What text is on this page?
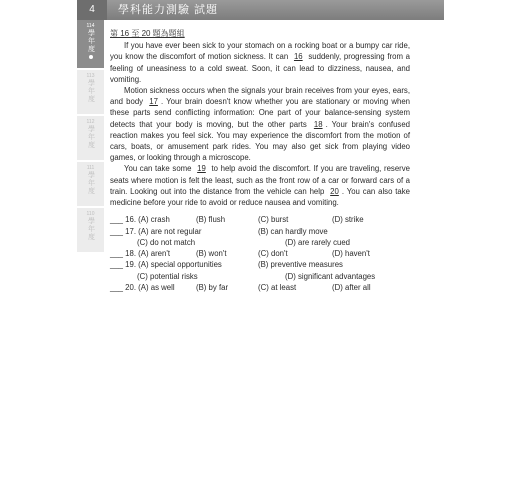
4	學科能力測驗 試題
114
學年度
113
學年度
112
學年度
111
學年度
110
學年度
第 16 至 20 題為題組

If you have ever been sick to your stomach on a rocking boat or a bumpy car ride, you know the discomfort of motion sickness. It can 16 suddenly, progressing from a feeling of uneasiness to a cold sweat. Soon, it can lead to dizziness, nausea, and vomiting.

Motion sickness occurs when the signals your brain receives from your eyes, ears, and body 17 . Your brain doesn't know whether you are stationary or moving when these parts send conflicting information: One part of your balance-sensing system detects that your body is moving, but the other parts 18 . Your brain's confused reaction makes you feel sick. You may experience the discomfort from the motion of cars, boats, or amusement park rides. You may also get sick from playing video games, or looking through a microscope.

You can take some 19 to help avoid the discomfort. If you are traveling, reserve seats where motion is felt the least, such as the front row of a car or forward cars of a train. Looking out into the distance from the vehicle can help 20 . You can also take medicine before your ride to avoid or reduce nausea and vomiting.

___ 16. (A) crash	(B) flush	(C) burst	(D) strike
___ 17. (A) are not regular	(B) can hardly move
(C) do not match	(D) are rarely cued
___ 18. (A) aren't	(B) won't	(C) don't	(D) haven't
___ 19. (A) special opportunities	(B) preventive measures
(C) potential risks	(D) significant advantages
___ 20. (A) as well	(B) by far	(C) at least	(D) after all
